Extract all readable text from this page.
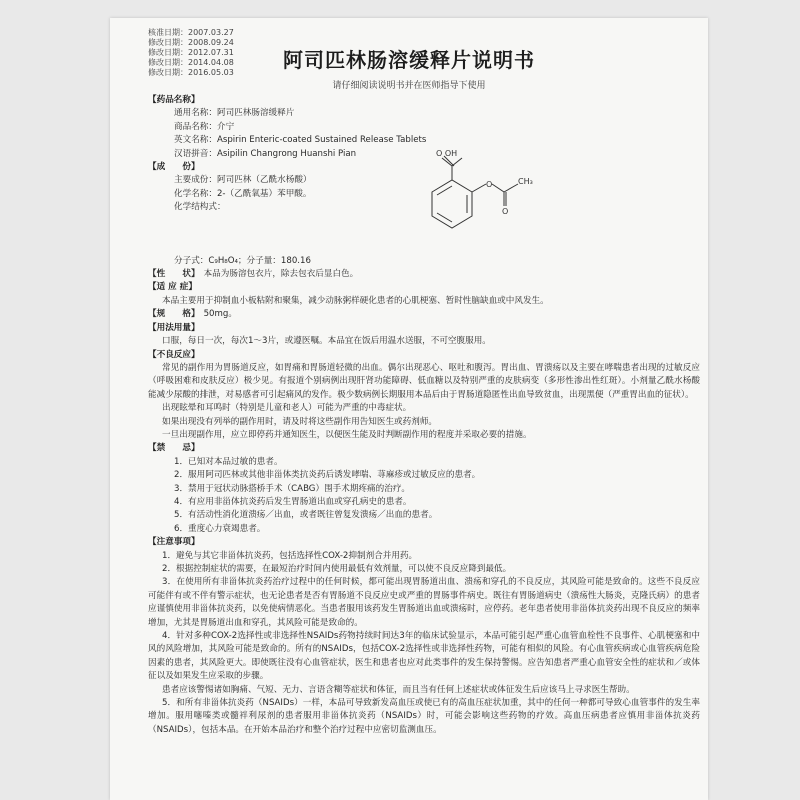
核准日期：2007.03.27
修改日期：2008.09.24
修改日期：2012.07.31
修改日期：2014.04.08
修改日期：2016.05.03
阿司匹林肠溶缓释片说明书
请仔细阅读说明书并在医师指导下使用
O OH
O
O
CH₃
【药品名称】
通用名称：阿司匹林肠溶缓释片
商品名称：介宁
英文名称：Aspirin Enteric-coated Sustained Release Tablets
汉语拼音：Asipilin Changrong Huanshi Pian
【成　　份】
主要成份：阿司匹林（乙酰水杨酸）
化学名称：2-（乙酰氧基）苯甲酸。
化学结构式：
分子式：C₉H₈O₄；分子量：180.16
【性　　状】 本品为肠溶包衣片，除去包衣后显白色。
【适 应 症】

本品主要用于抑制血小板粘附和聚集，减少动脉粥样硬化患者的心肌梗塞、暂时性脑缺血或中风发生。

【规　　格】 50mg。
【用法用量】

口服，每日一次，每次1～3片，或遵医嘱。本品宜在饭后用温水送服，不可空腹服用。

【不良反应】

常见的副作用为胃肠道反应，如胃痛和胃肠道轻微的出血。偶尔出现恶心、呕吐和腹泻。胃出血、胃溃疡以及主要在哮喘患者出现的过敏反应（呼吸困难和皮肤反应）极少见。有报道个别病例出现肝肾功能障碍、低血糖以及特别严重的皮肤病变（多形性渗出性红斑）。小剂量乙酰水杨酸能减少尿酸的排泄，对易感者可引起痛风的发作。极少数病例长期服用本品后由于胃肠道隐匿性出血导致贫血，出现黑便（严重胃出血的征状）。

出现眩晕和耳鸣时（特别是儿童和老人）可能为严重的中毒症状。

如果出现没有列举的副作用时，请及时将这些副作用告知医生或药剂师。

一旦出现副作用，应立即停药并通知医生，以便医生能及时判断副作用的程度并采取必要的措施。

【禁　　忌】

1．已知对本品过敏的患者。

2．服用阿司匹林或其他非甾体类抗炎药后诱发哮喘、荨麻疹或过敏反应的患者。

3．禁用于冠状动脉搭桥手术（CABG）围手术期疼痛的治疗。

4．有应用非甾体抗炎药后发生胃肠道出血或穿孔病史的患者。

5．有活动性消化道溃疡／出血，或者既往曾复发溃疡／出血的患者。

6．重度心力衰竭患者。

【注意事项】

1．避免与其它非甾体抗炎药，包括选择性COX-2抑制剂合并用药。

2．根据控制症状的需要，在最短治疗时间内使用最低有效剂量，可以使不良反应降到最低。

3．在使用所有非甾体抗炎药治疗过程中的任何时候，都可能出现胃肠道出血、溃疡和穿孔的不良反应，其风险可能是致命的。这些不良反应可能伴有或不伴有警示症状，也无论患者是否有胃肠道不良反应史或严重的胃肠事件病史。既往有胃肠道病史（溃疡性大肠炎，克隆氏病）的患者应谨慎使用非甾体抗炎药，以免使病情恶化。当患者服用该药发生胃肠道出血或溃疡时，应停药。老年患者使用非甾体抗炎药出现不良反应的频率增加，尤其是胃肠道出血和穿孔，其风险可能是致命的。

4．针对多种COX-2选择性或非选择性NSAIDs药物持续时间达3年的临床试验显示，本品可能引起严重心血管血栓性不良事件、心肌梗塞和中风的风险增加，其风险可能是致命的。所有的NSAIDs，包括COX-2选择性或非选择性药物，可能有相似的风险。有心血管疾病或心血管疾病危险因素的患者，其风险更大。即使既往没有心血管症状，医生和患者也应对此类事件的发生保持警惕。应告知患者严重心血管安全性的症状和／或体征以及如果发生应采取的步骤。

患者应该警惕诸如胸痛、气短、无力、言语含糊等症状和体征，而且当有任何上述症状或体征发生后应该马上寻求医生帮助。

5．和所有非甾体抗炎药（NSAIDs）一样，本品可导致新发高血压或使已有的高血压症状加重，其中的任何一种都可导致心血管事件的发生率增加。服用噻嗪类或髓袢利尿剂的患者服用非甾体抗炎药（NSAIDs）时，可能会影响这些药物的疗效。高血压病患者应慎用非甾体抗炎药（NSAIDs），包括本品。在开始本品治疗和整个治疗过程中应密切监测血压。
